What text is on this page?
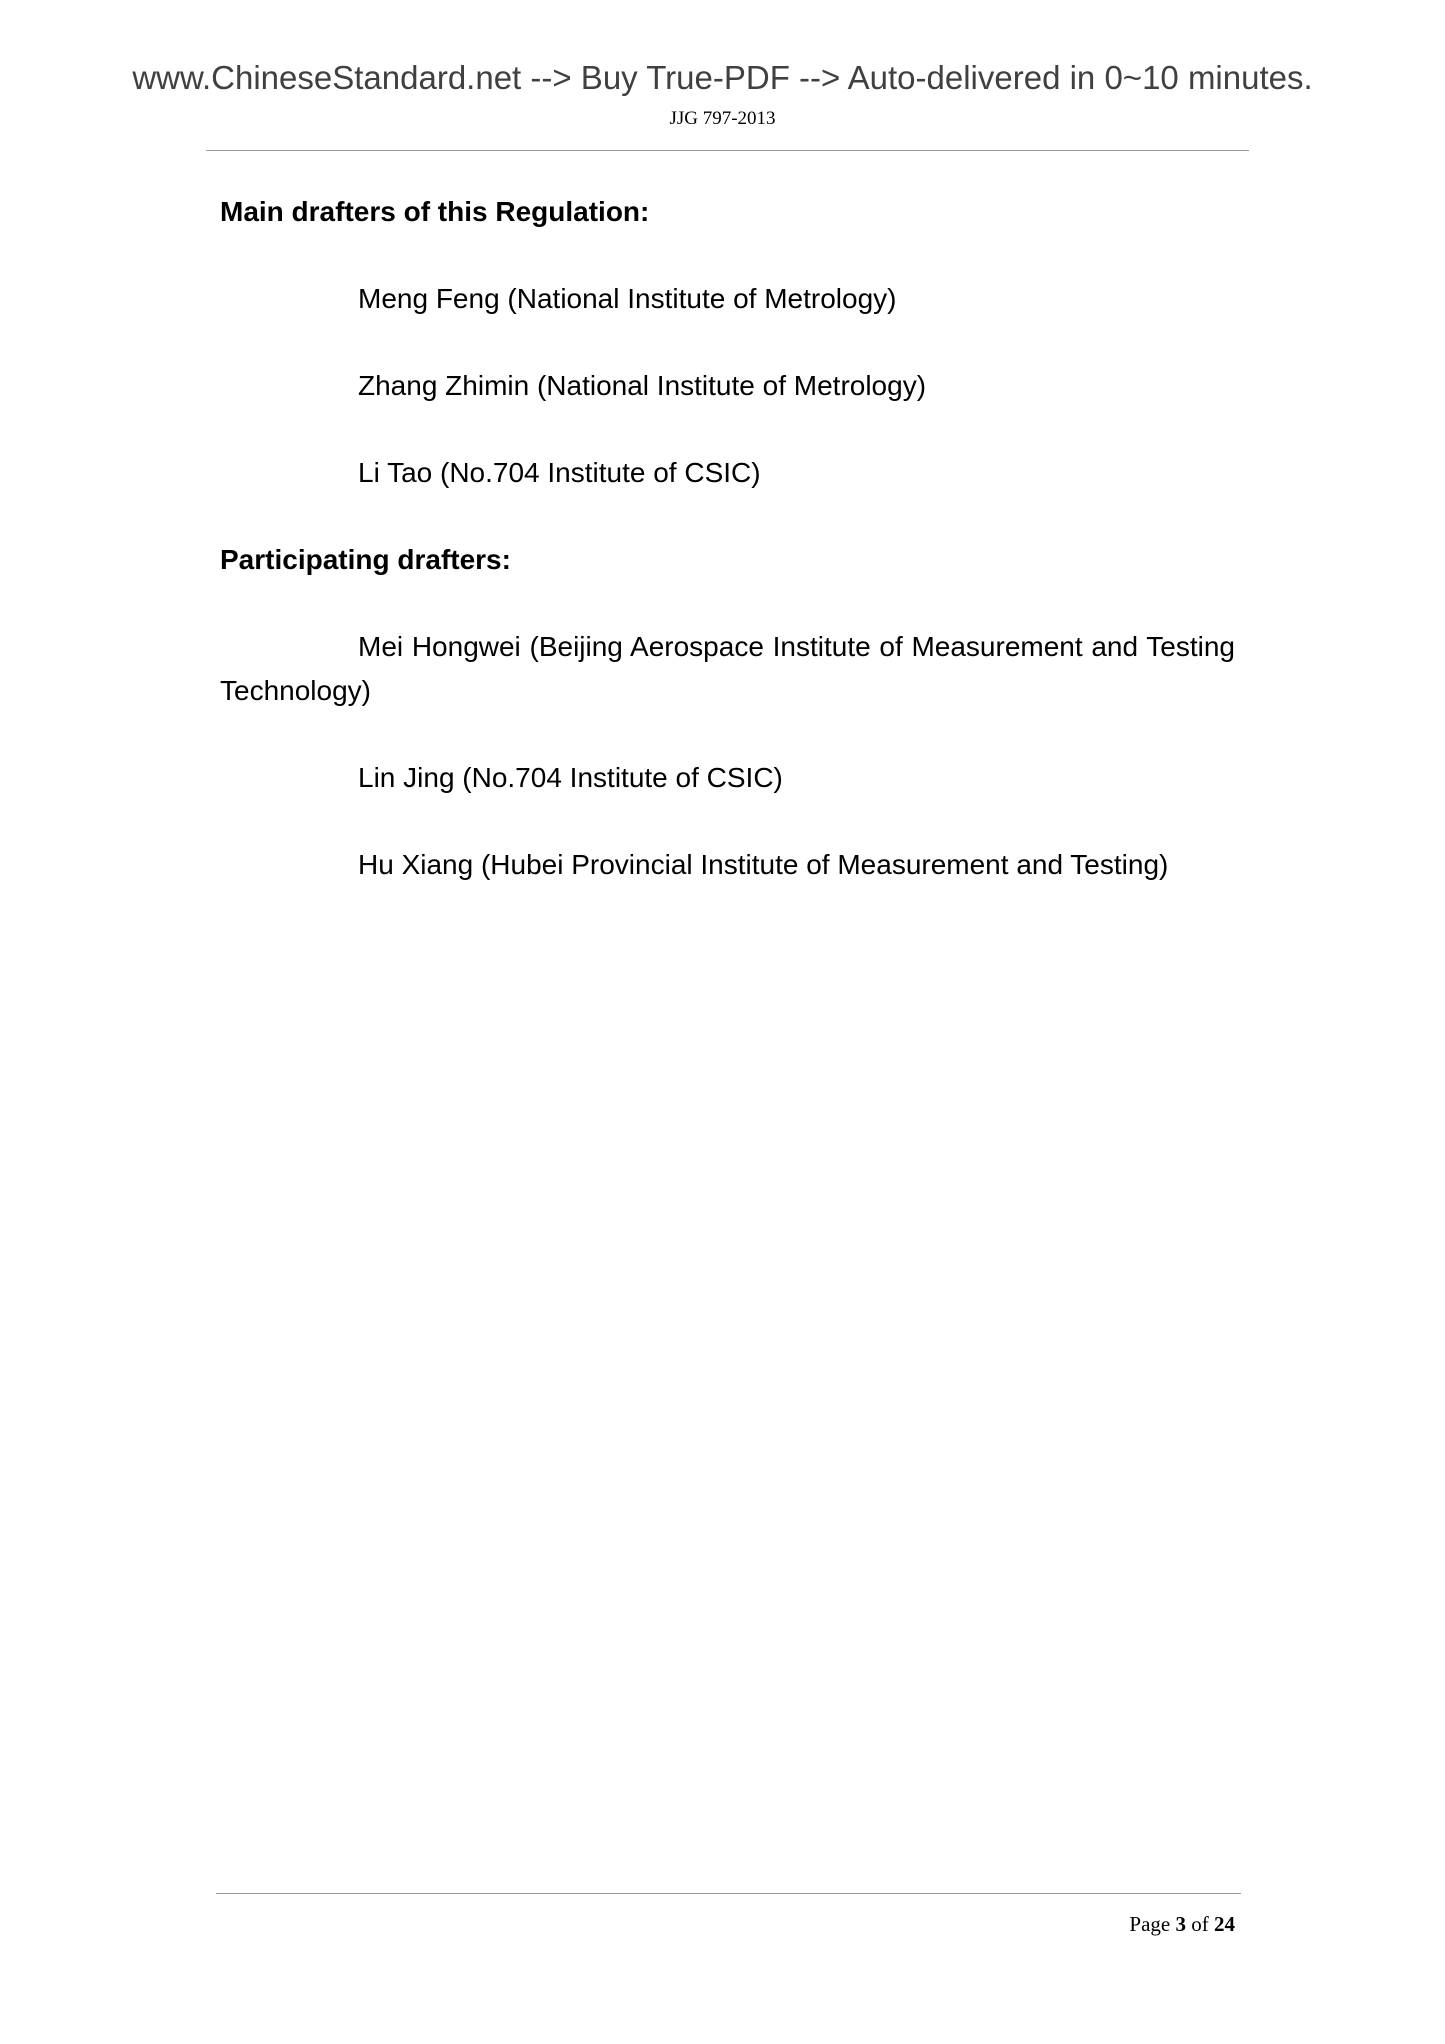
www.ChineseStandard.net --> Buy True-PDF --> Auto-delivered in 0~10 minutes.
JJG 797-2013

Main drafters of this Regulation:

Meng Feng (National Institute of Metrology)

Zhang Zhimin (National Institute of Metrology)

Li Tao (No.704 Institute of CSIC)

Participating drafters:

Mei Hongwei (Beijing Aerospace Institute of Measurement and Testing Technology)

Lin Jing (No.704 Institute of CSIC)

Hu Xiang (Hubei Provincial Institute of Measurement and Testing)

Page 3 of 24
